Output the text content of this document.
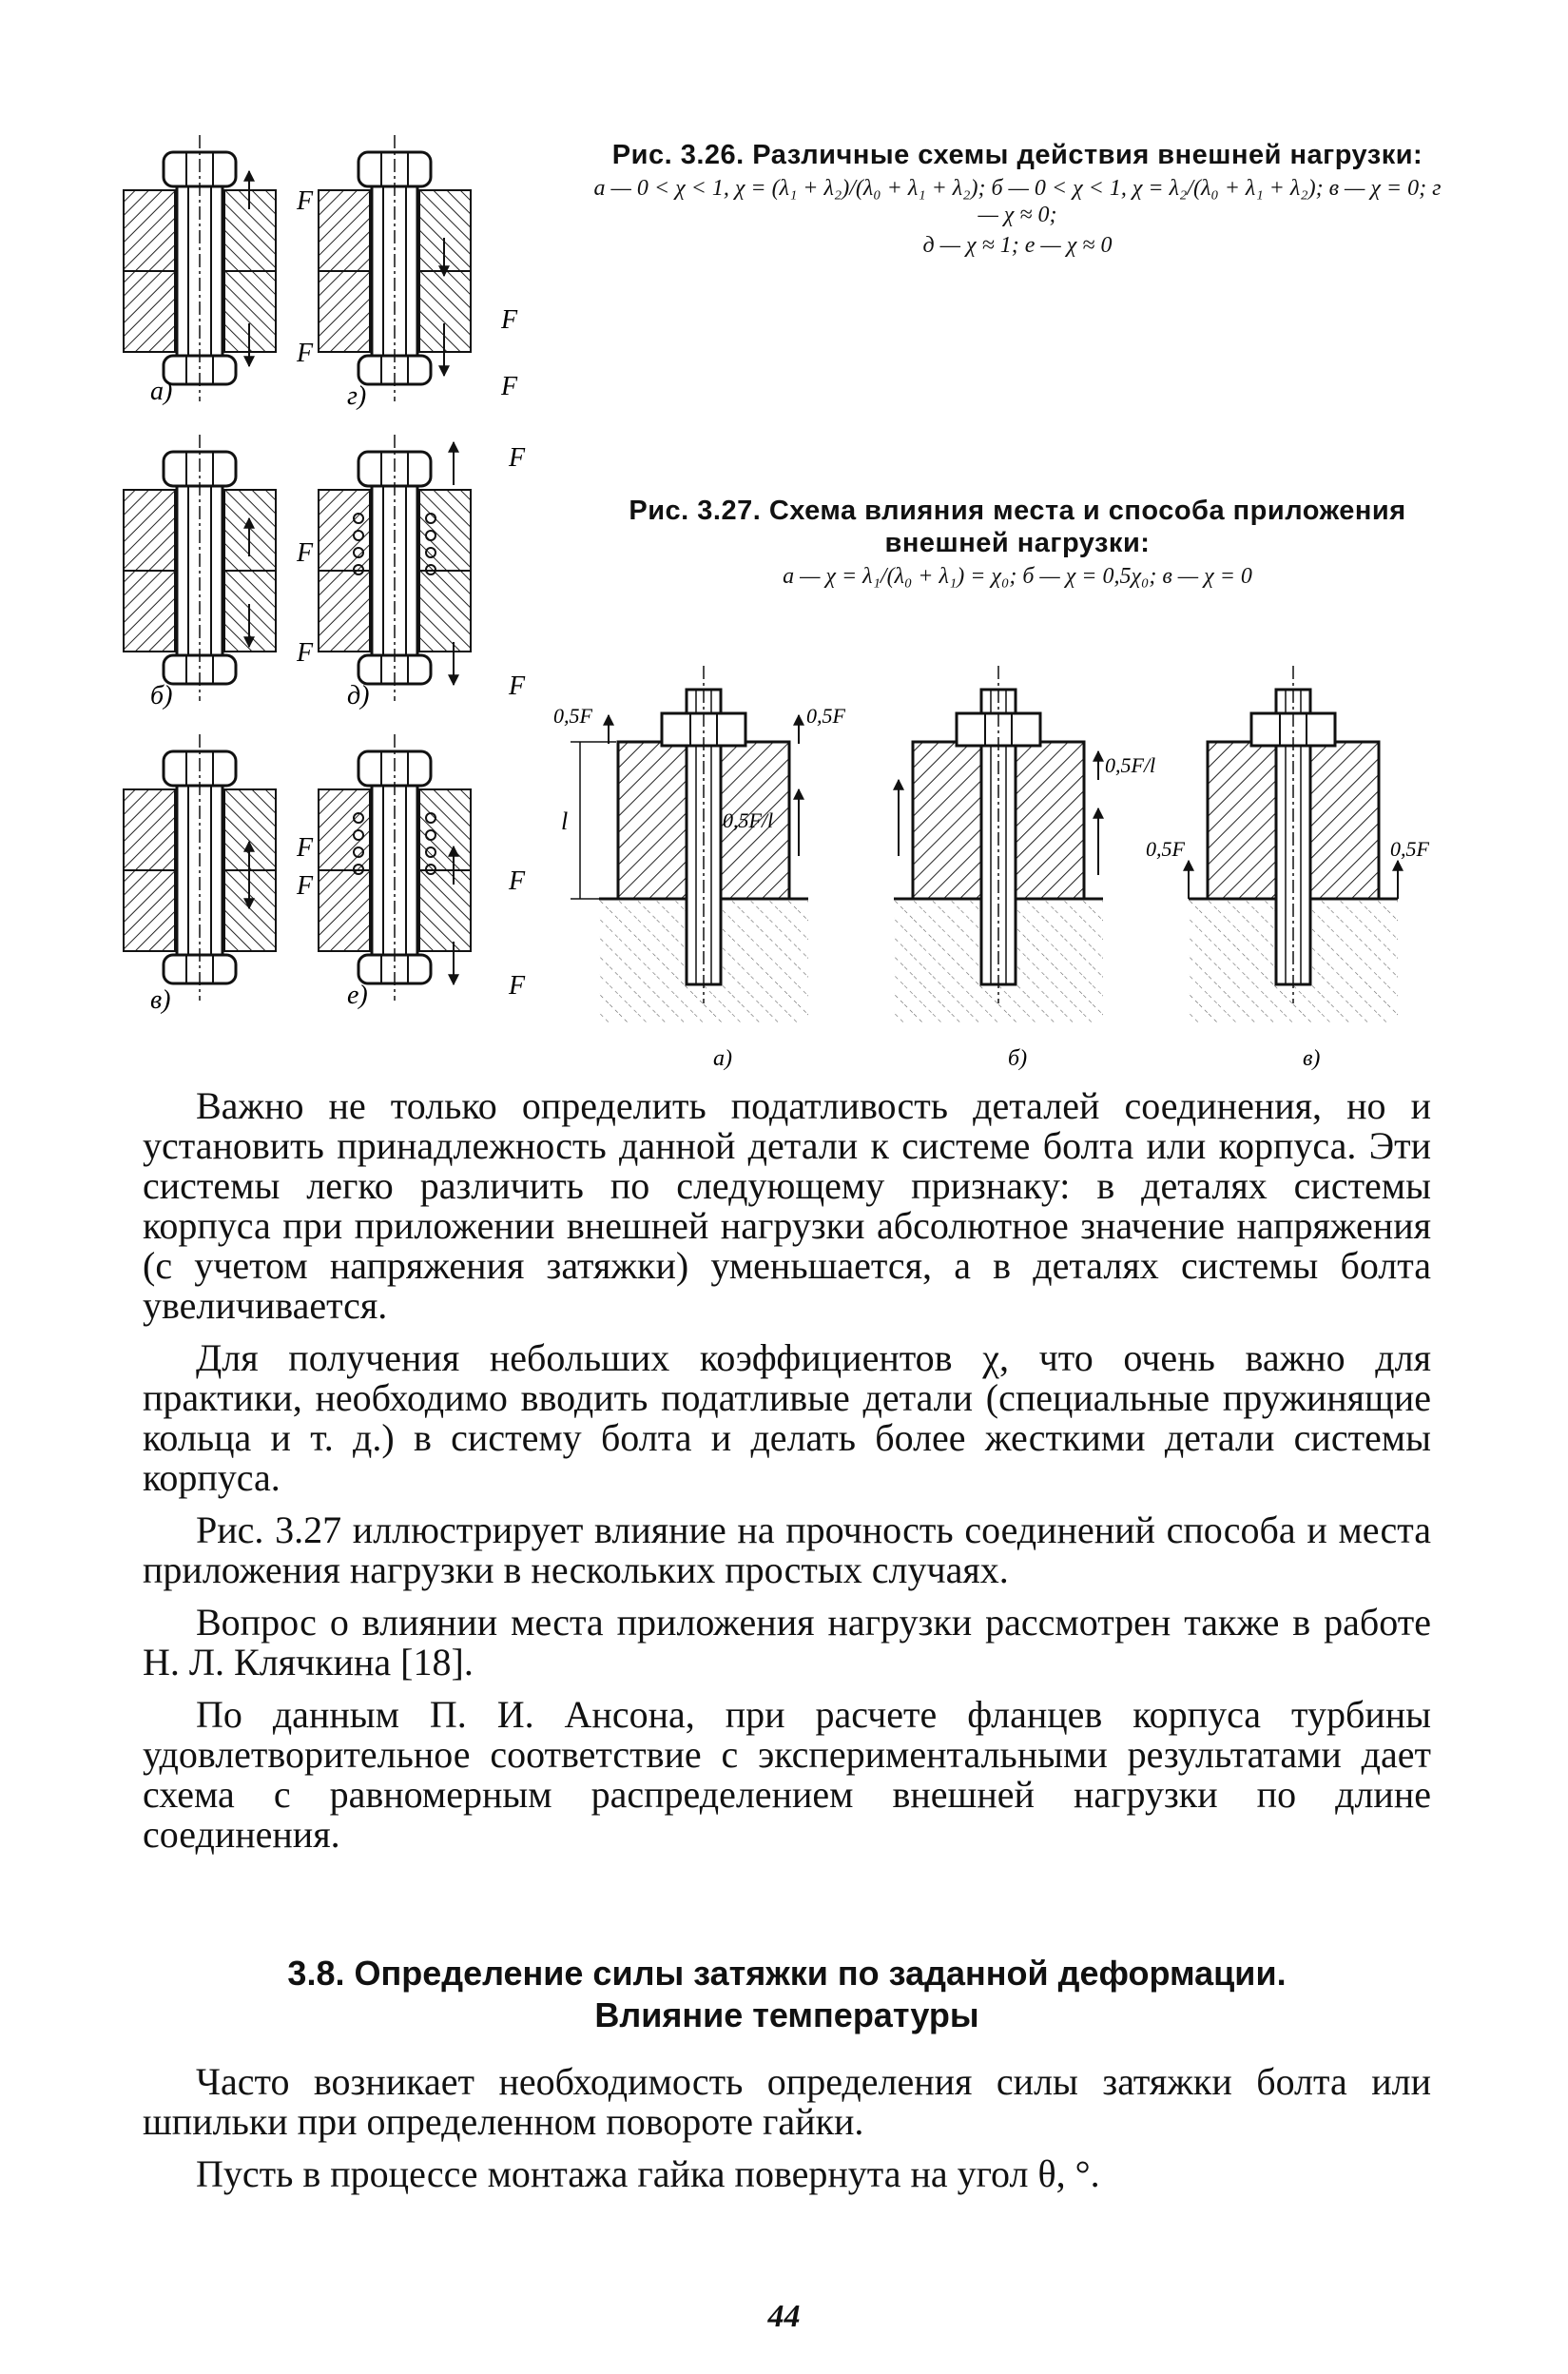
F
F
F
F
F
F
F
F
F
F
F
F
а)
б)
в)
г)
д)
е)
Рис. 3.26. Различные схемы действия внешней нагрузки:
а — 0 < χ < 1, χ = (λ₁ + λ₂)/(λ₀ + λ₁ + λ₂); б — 0 < χ < 1, χ = λ₂/(λ₀ + λ₁ + λ₂); в — χ = 0; г — χ ≈ 0;
д — χ ≈ 1; е — χ ≈ 0
Рис. 3.27. Схема влияния места и способа приложения внешней нагрузки:
а — χ = λ₁/(λ₀ + λ₁) = χ₀; б — χ = 0,5χ₀; в — χ = 0
l
0,5F	0,5F
0,5F/l
0,5F/l
0,5F	0,5F
а)	б)	в)

Важно не только определить податливость деталей соединения, но и установить принадлежность данной детали к системе болта или корпуса. Эти системы легко различить по следующему признаку: в деталях системы корпуса при приложении внешней нагрузки абсолютное значение напряжения (с учетом напряжения затяжки) уменьшается, а в деталях системы болта увеличивается.

Для получения небольших коэффициентов χ, что очень важно для практики, необходимо вводить податливые детали (специальные пружинящие кольца и т. д.) в систему болта и делать более жесткими детали системы корпуса.

Рис. 3.27 иллюстрирует влияние на прочность соединений способа и места приложения нагрузки в нескольких простых случаях.

Вопрос о влиянии места приложения нагрузки рассмотрен также в работе Н. Л. Клячкина [18].

По данным П. И. Ансона, при расчете фланцев корпуса турбины удовлетворительное соответствие с экспериментальными результатами дает схема с равномерным распределением внешней нагрузки по длине соединения.

3.8. Определение силы затяжки по заданной деформации.
Влияние температуры

Часто возникает необходимость определения силы затяжки болта или шпильки при определенном повороте гайки.

Пусть в процессе монтажа гайка повернута на угол θ, °.

44
